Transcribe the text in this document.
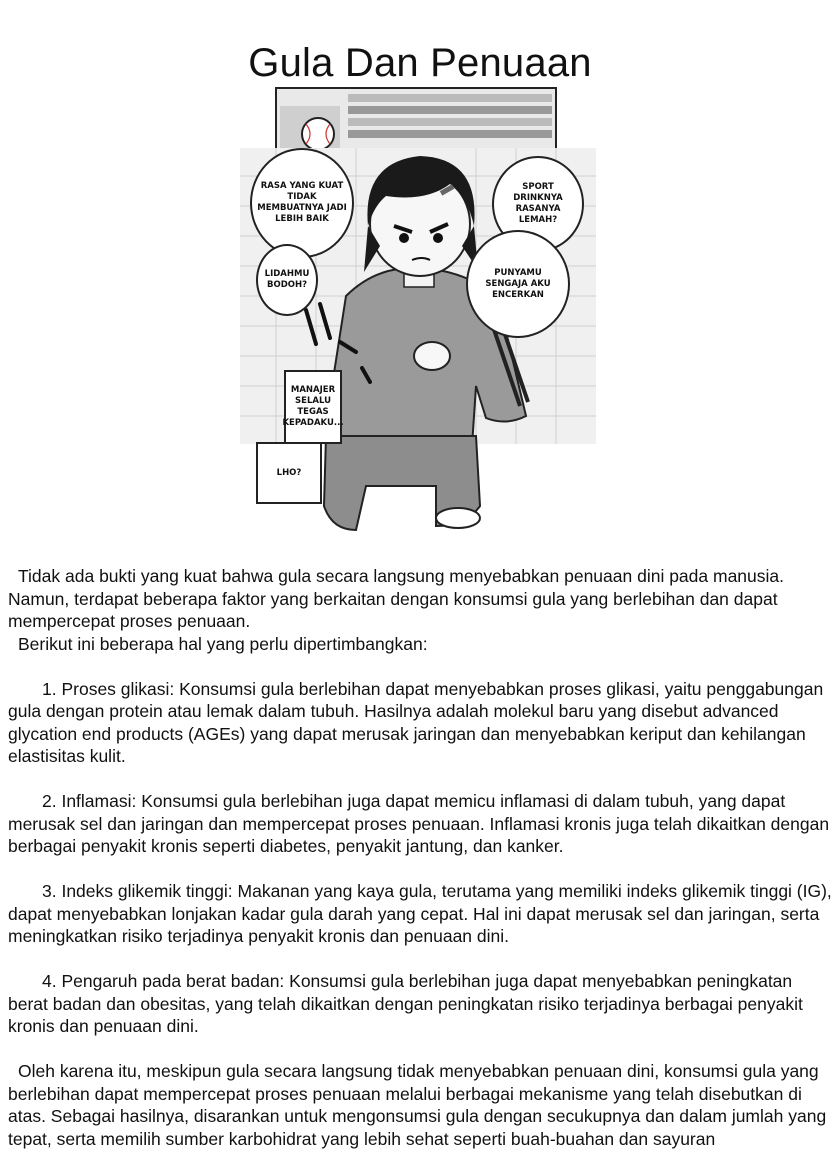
Gula Dan Penuaan
RASA YANG KUAT TIDAK MEMBUATNYA JADI LEBIH BAIK
LIDAHMU BODOH?
SPORT DRINKNYA RASANYA LEMAH?
PUNYAMU SENGAJA AKU ENCERKAN
MANAJER SELALU TEGAS KEPADAKU...
LHO?

Tidak ada bukti yang kuat bahwa gula secara langsung menyebabkan penuaan dini pada manusia. Namun, terdapat beberapa faktor yang berkaitan dengan konsumsi gula yang berlebihan dan dapat mempercepat proses penuaan.

Berikut ini beberapa hal yang perlu dipertimbangkan:

1. Proses glikasi: Konsumsi gula berlebihan dapat menyebabkan proses glikasi, yaitu penggabungan gula dengan protein atau lemak dalam tubuh. Hasilnya adalah molekul baru yang disebut advanced glycation end products (AGEs) yang dapat merusak jaringan dan menyebabkan keriput dan kehilangan elastisitas kulit.

2. Inflamasi: Konsumsi gula berlebihan juga dapat memicu inflamasi di dalam tubuh, yang dapat merusak sel dan jaringan dan mempercepat proses penuaan. Inflamasi kronis juga telah dikaitkan dengan berbagai penyakit kronis seperti diabetes, penyakit jantung, dan kanker.

3. Indeks glikemik tinggi: Makanan yang kaya gula, terutama yang memiliki indeks glikemik tinggi (IG), dapat menyebabkan lonjakan kadar gula darah yang cepat. Hal ini dapat merusak sel dan jaringan, serta meningkatkan risiko terjadinya penyakit kronis dan penuaan dini.

4. Pengaruh pada berat badan: Konsumsi gula berlebihan juga dapat menyebabkan peningkatan berat badan dan obesitas, yang telah dikaitkan dengan peningkatan risiko terjadinya berbagai penyakit kronis dan penuaan dini.

Oleh karena itu, meskipun gula secara langsung tidak menyebabkan penuaan dini, konsumsi gula yang berlebihan dapat mempercepat proses penuaan melalui berbagai mekanisme yang telah disebutkan di atas. Sebagai hasilnya, disarankan untuk mengonsumsi gula dengan secukupnya dan dalam jumlah yang tepat, serta memilih sumber karbohidrat yang lebih sehat seperti buah-buahan dan sayuran
